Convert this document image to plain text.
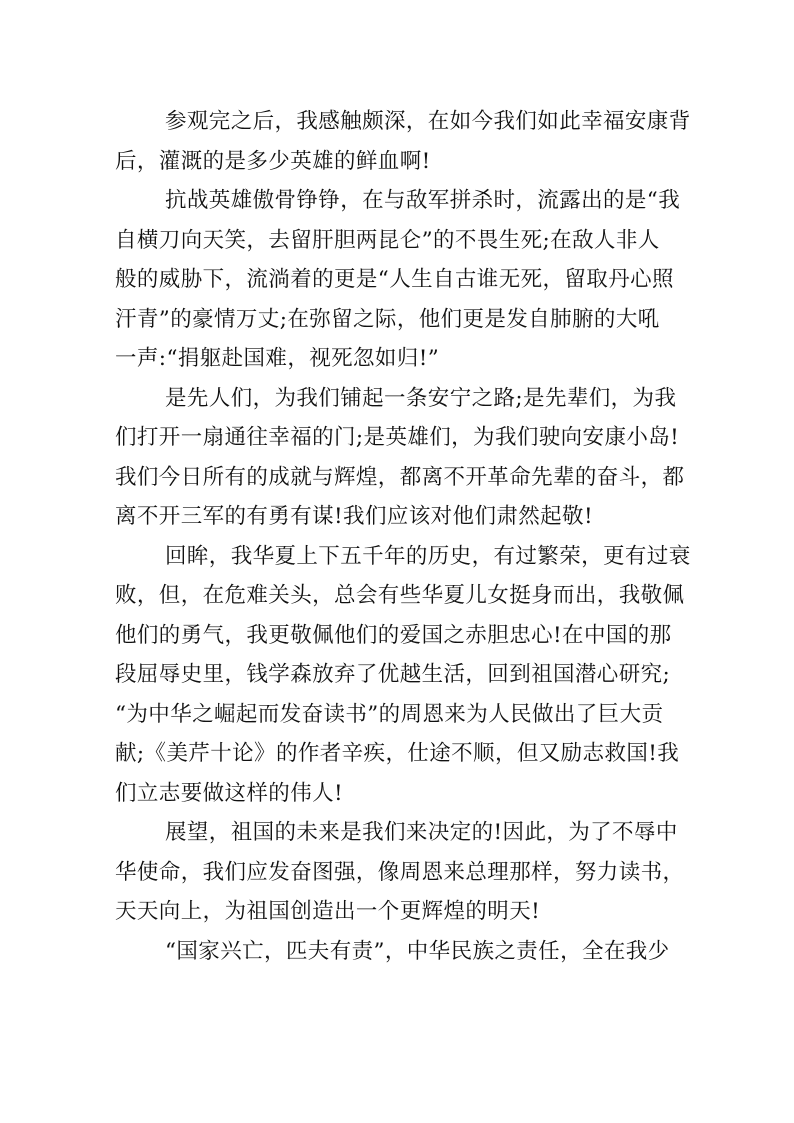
参观完之后，我感触颇深，在如今我们如此幸福安康背
后，灌溉的是多少英雄的鲜血啊!
抗战英雄傲骨铮铮，在与敌军拼杀时，流露出的是“我
自横刀向天笑，去留肝胆两昆仑”的不畏生死;在敌人非人
般的威胁下，流淌着的更是“人生自古谁无死，留取丹心照
汗青”的豪情万丈;在弥留之际，他们更是发自肺腑的大吼
一声:“捐躯赴国难，视死忽如归!”
是先人们，为我们铺起一条安宁之路;是先辈们，为我
们打开一扇通往幸福的门;是英雄们，为我们驶向安康小岛!
我们今日所有的成就与辉煌，都离不开革命先辈的奋斗，都
离不开三军的有勇有谋!我们应该对他们肃然起敬!
回眸，我华夏上下五千年的历史，有过繁荣，更有过衰
败，但，在危难关头，总会有些华夏儿女挺身而出，我敬佩
他们的勇气，我更敬佩他们的爱国之赤胆忠心!在中国的那
段屈辱史里，钱学森放弃了优越生活，回到祖国潜心研究;
“为中华之崛起而发奋读书”的周恩来为人民做出了巨大贡
献;《美芹十论》的作者辛疾，仕途不顺，但又励志救国!我
们立志要做这样的伟人!
展望，祖国的未来是我们来决定的!因此，为了不辱中
华使命，我们应发奋图强，像周恩来总理那样，努力读书，
天天向上，为祖国创造出一个更辉煌的明天!
“国家兴亡，匹夫有责”，中华民族之责任，全在我少
